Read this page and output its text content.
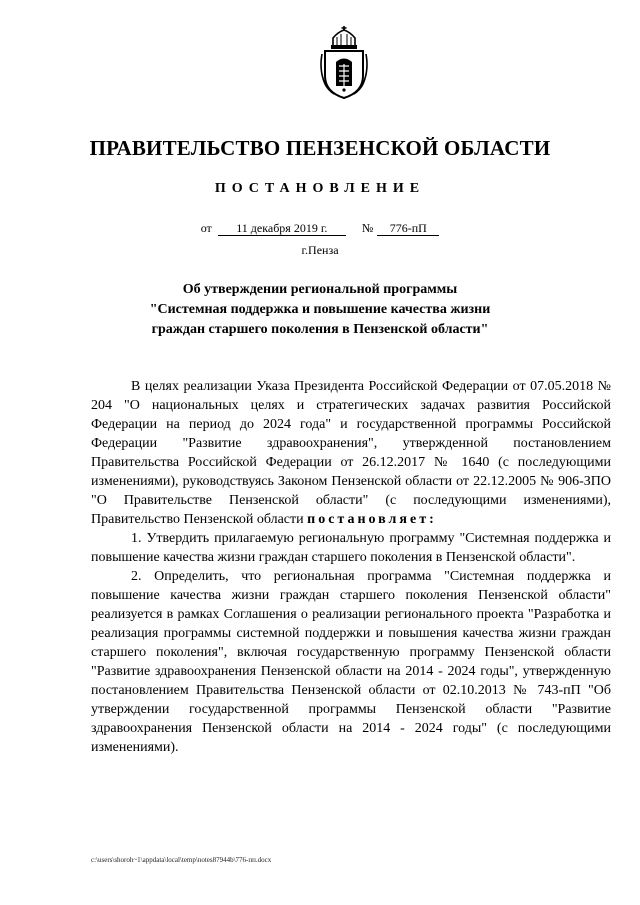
ПРАВИТЕЛЬСТВО ПЕНЗЕНСКОЙ ОБЛАСТИ
ПОСТАНОВЛЕНИЕ
от 11 декабря 2019 г.	№ 776-пП
г.Пенза
Об утверждении региональной программы
"Системная поддержка и повышение качества жизни
граждан старшего поколения в Пензенской области"

В целях реализации Указа Президента Российской Федерации от 07.05.2018 № 204 "О национальных целях и стратегических задачах развития Российской Федерации на период до 2024 года" и государственной программы Российской Федерации "Развитие здравоохранения", утвержденной постановлением Правительства Российской Федерации от 26.12.2017 № 1640 (с последующими изменениями), руководствуясь Законом Пензенской области от 22.12.2005 № 906-ЗПО "О Правительстве Пензенской области" (с последующими изменениями), Правительство Пензенской области постановляет:

1. Утвердить прилагаемую региональную программу "Системная поддержка и повышение качества жизни граждан старшего поколения в Пензенской области".

2. Определить, что региональная программа "Системная поддержка и повышение качества жизни граждан старшего поколения Пензенской области" реализуется в рамках Соглашения о реализации регионального проекта "Разработка и реализация программы системной поддержки и повышения качества жизни граждан старшего поколения", включая государственную программу Пензенской области "Развитие здравоохранения Пензенской области на 2014 - 2024 годы", утвержденную постановлением Правительства Пензенской области от 02.10.2013 № 743-пП "Об утверждении государственной программы Пензенской области "Развитие здравоохранения Пензенской области на 2014 - 2024 годы" (с последующими изменениями).

c:\users\shoroh~1\appdata\local\temp\notes87944b\776-пп.docx
